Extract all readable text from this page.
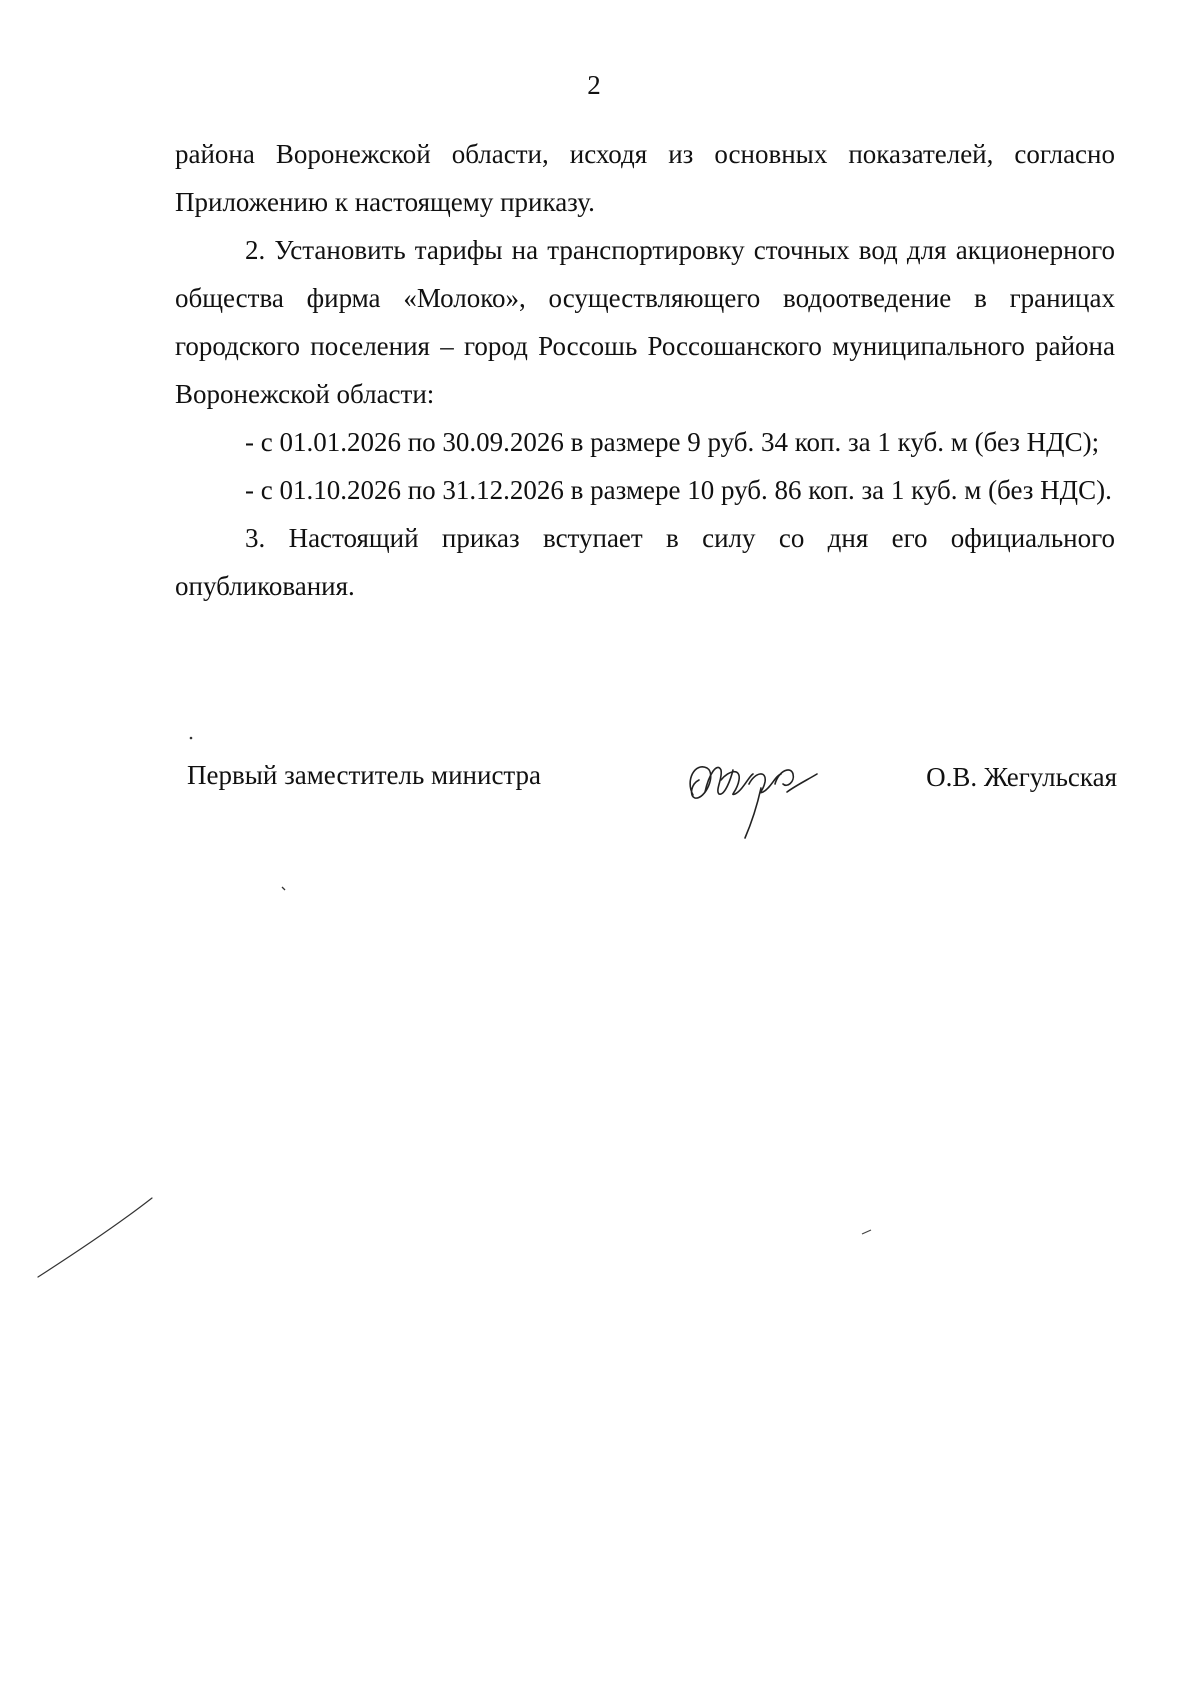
2

района Воронежской области, исходя из основных показателей, согласно Приложению к настоящему приказу.

2. Установить тарифы на транспортировку сточных вод для акционерного общества фирма «Молоко», осуществляющего водоотведение в границах городского поселения – город Россошь Россошанского муниципального района Воронежской области:

- с 01.01.2026 по 30.09.2026 в размере 9 руб. 34 коп. за 1 куб. м (без НДС);

- с 01.10.2026 по 31.12.2026 в размере 10 руб. 86 коп. за 1 куб. м (без НДС).

3. Настоящий приказ вступает в силу со дня его официального опубликования.

Первый заместитель министра	О.В. Жегульская
